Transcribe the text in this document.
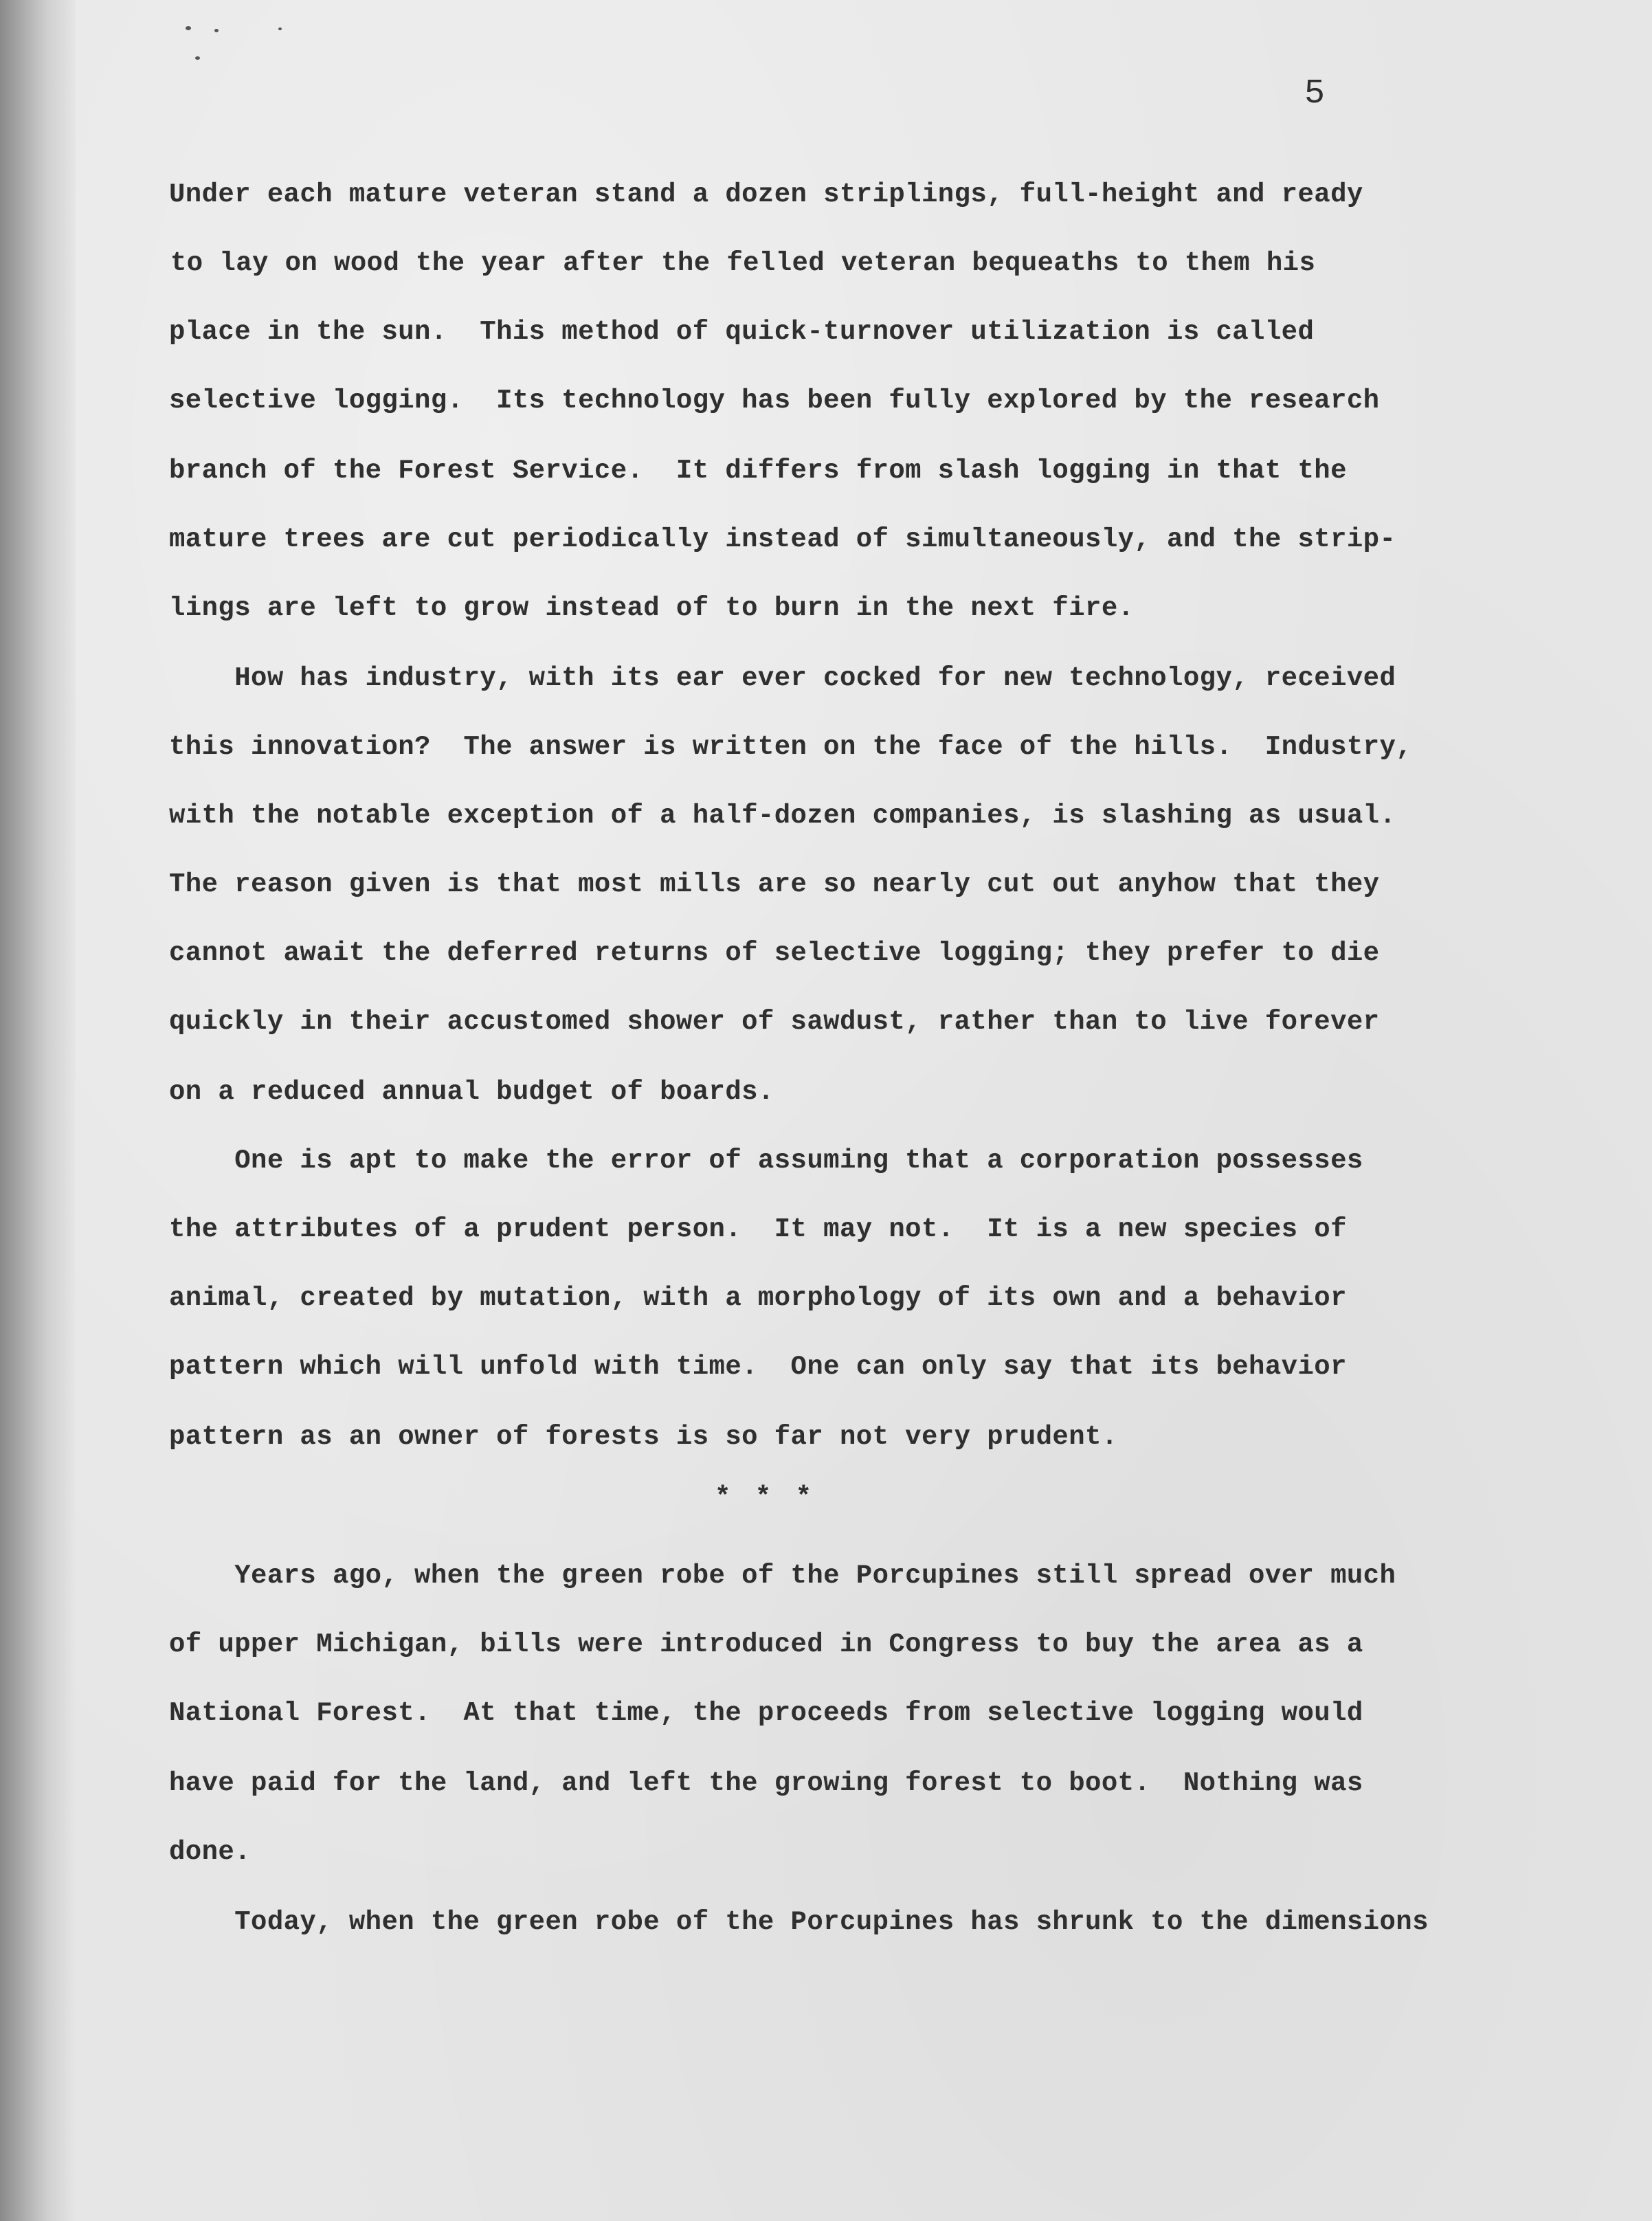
5

Under each mature veteran stand a dozen striplings, full-height and ready

to lay on wood the year after the felled veteran bequeaths to them his

place in the sun.  This method of quick-turnover utilization is called

selective logging.  Its technology has been fully explored by the research

branch of the Forest Service.  It differs from slash logging in that the

mature trees are cut periodically instead of simultaneously, and the strip-

lings are left to grow instead of to burn in the next fire.

How has industry, with its ear ever cocked for new technology, received

this innovation?  The answer is written on the face of the hills.  Industry,

with the notable exception of a half-dozen companies, is slashing as usual.

The reason given is that most mills are so nearly cut out anyhow that they

cannot await the deferred returns of selective logging; they prefer to die

quickly in their accustomed shower of sawdust, rather than to live forever

on a reduced annual budget of boards.

One is apt to make the error of assuming that a corporation possesses

the attributes of a prudent person.  It may not.  It is a new species of

animal, created by mutation, with a morphology of its own and a behavior

pattern which will unfold with time.  One can only say that its behavior

pattern as an owner of forests is so far not very prudent.

* * *

Years ago, when the green robe of the Porcupines still spread over much

of upper Michigan, bills were introduced in Congress to buy the area as a

National Forest.  At that time, the proceeds from selective logging would

have paid for the land, and left the growing forest to boot.  Nothing was

done.

Today, when the green robe of the Porcupines has shrunk to the dimensions
